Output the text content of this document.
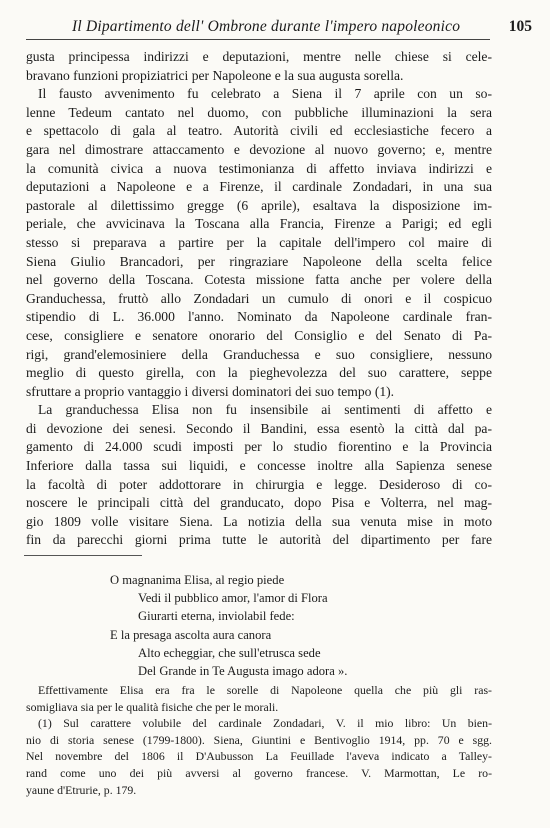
Il Dipartimento dell' Ombrone durante l'impero napoleonico	105
gusta principessa indirizzi e deputazioni, mentre nelle chiese si cele-
bravano funzioni propiziatrici per Napoleone e la sua augusta sorella.
Il fausto avvenimento fu celebrato a Siena il 7 aprile con un so-
lenne Tedeum cantato nel duomo, con pubbliche illuminazioni la sera
e spettacolo di gala al teatro. Autorità civili ed ecclesiastiche fecero a
gara nel dimostrare attaccamento e devozione al nuovo governo; e, mentre
la comunità civica a nuova testimonianza di affetto inviava indirizzi e
deputazioni a Napoleone e a Firenze, il cardinale Zondadari, in una sua
pastorale al dilettissimo gregge (6 aprile), esaltava la disposizione im-
periale, che avvicinava la Toscana alla Francia, Firenze a Parigi; ed egli
stesso si preparava a partire per la capitale dell'impero col maire di
Siena Giulio Brancadori, per ringraziare Napoleone della scelta felice
nel governo della Toscana. Cotesta missione fatta anche per volere della
Granduchessa, fruttò allo Zondadari un cumulo di onori e il cospicuo
stipendio di L. 36.000 l'anno. Nominato da Napoleone cardinale fran-
cese, consigliere e senatore onorario del Consiglio e del Senato di Pa-
rigi, grand'elemosiniere della Granduchessa e suo consigliere, nessuno
meglio di questo girella, con la pieghevolezza del suo carattere, seppe
sfruttare a proprio vantaggio i diversi dominatori dei suo tempo (1).
La granduchessa Elisa non fu insensibile ai sentimenti di affetto e
di devozione dei senesi. Secondo il Bandini, essa esentò la città dal pa-
gamento di 24.000 scudi imposti per lo studio fiorentino e la Provincia
Inferiore dalla tassa sui liquidi, e concesse inoltre alla Sapienza senese
la facoltà di poter addottorare in chirurgia e legge. Desideroso di co-
noscere le principali città del granducato, dopo Pisa e Volterra, nel mag-
gio 1809 volle visitare Siena. La notizia della sua venuta mise in moto
fin da parecchi giorni prima tutte le autorità del dipartimento per fare
O magnanima Elisa, al regio piede
Vedi il pubblico amor, l'amor di Flora
Giurarti eterna, inviolabil fede:
E la presaga ascolta aura canora
Alto echeggiar, che sull'etrusca sede
Del Grande in Te Augusta imago adora ».
Effettivamente Elisa era fra le sorelle di Napoleone quella che più gli ras-
somigliava sia per le qualità fisiche che per le morali.
(1) Sul carattere volubile del cardinale Zondadari, V. il mio libro: Un bien-
nio di storia senese (1799-1800). Siena, Giuntini e Bentivoglio 1914, pp. 70 e sgg.
Nel novembre del 1806 il D'Aubusson La Feuillade l'aveva indicato a Talley-
rand come uno dei più avversi al governo francese. V. Marmottan, Le ro-
yaune d'Etrurie, p. 179.
